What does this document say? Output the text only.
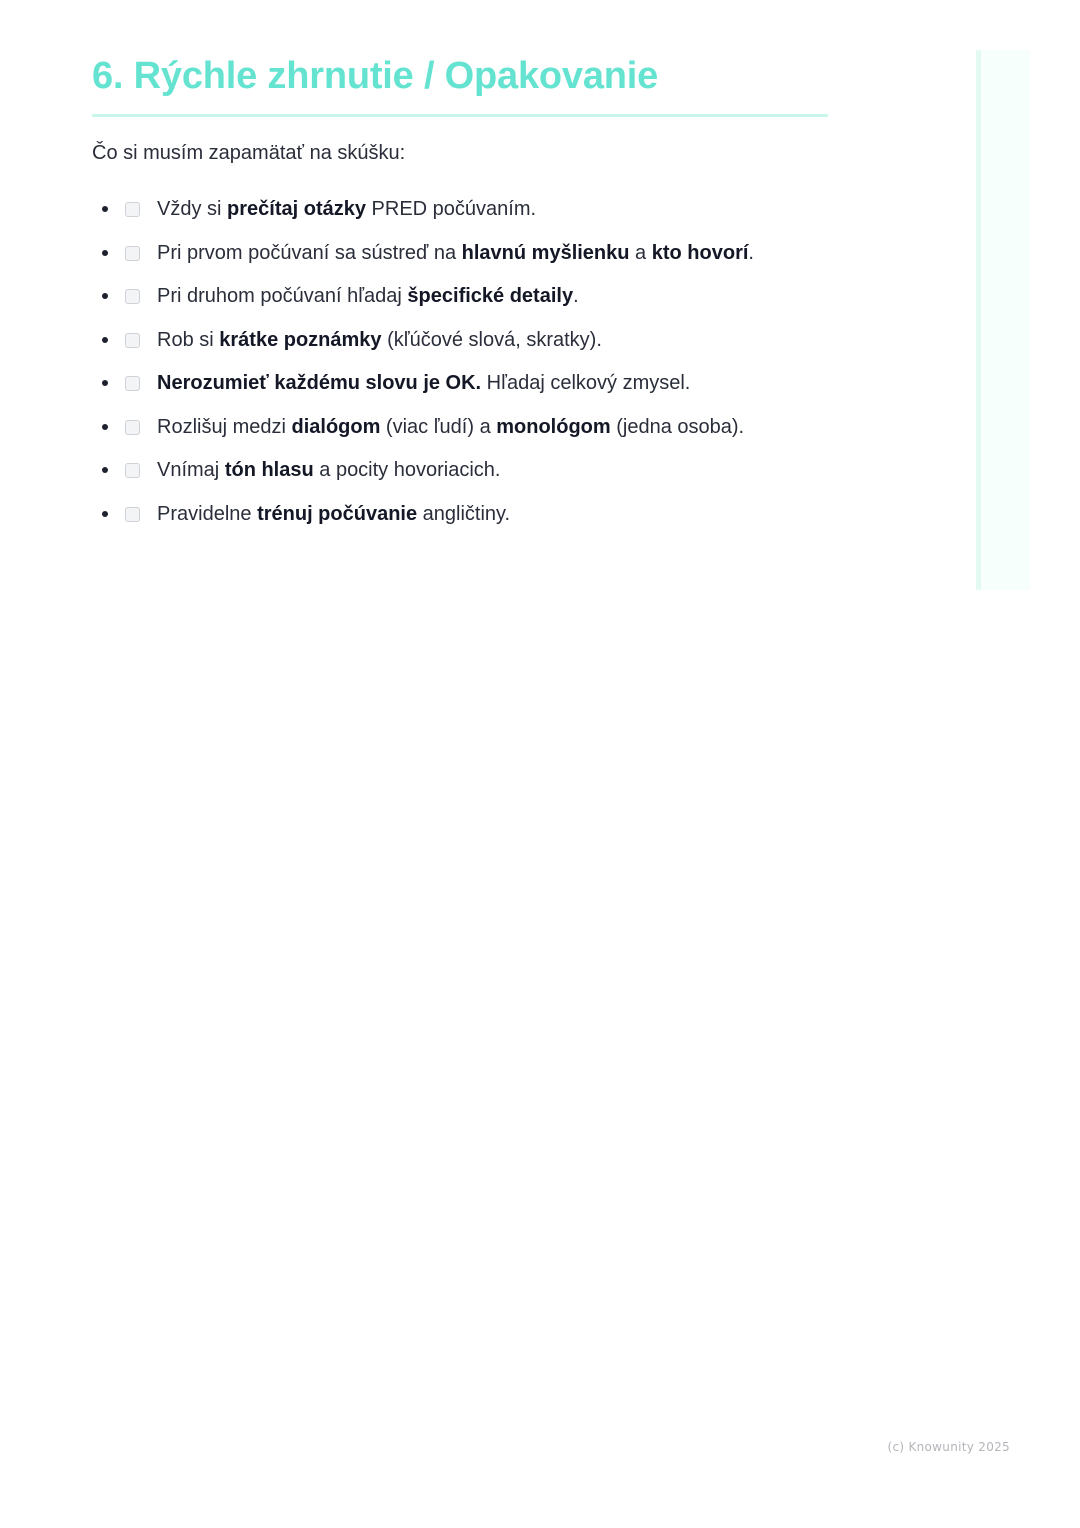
6. Rýchle zhrnutie / Opakovanie

Čo si musím zapamätať na skúšku:

Vždy si prečítaj otázky PRED počúvaním.
Pri prvom počúvaní sa sústreď na hlavnú myšlienku a kto hovorí.
Pri druhom počúvaní hľadaj špecifické detaily.
Rob si krátke poznámky (kľúčové slová, skratky).
Nerozumieť každému slovu je OK. Hľadaj celkový zmysel.
Rozlišuj medzi dialógom (viac ľudí) a monológom (jedna osoba).
Vnímaj tón hlasu a pocity hovoriacich.
Pravidelne trénuj počúvanie angličtiny.
(c) Knowunity 2025
